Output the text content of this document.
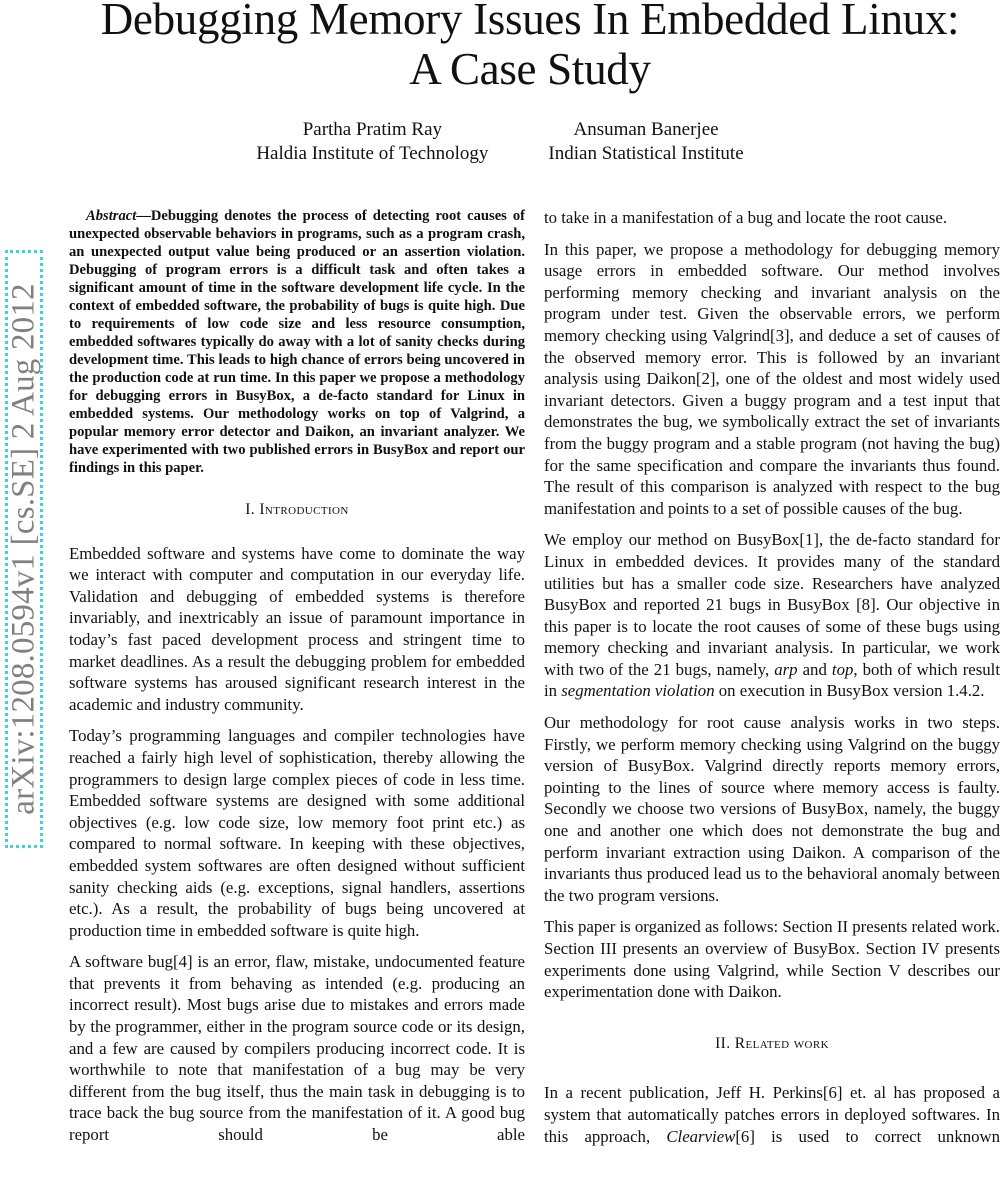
Debugging Memory Issues In Embedded Linux:
A Case Study
Partha Pratim Ray
Haldia Institute of Technology
Ansuman Banerjee
Indian Statistical Institute
arXiv:1208.0594v1 [cs.SE] 2 Aug 2012

Abstract—Debugging denotes the process of detecting root causes of unexpected observable behaviors in programs, such as a program crash, an unexpected output value being produced or an assertion violation. Debugging of program errors is a difficult task and often takes a significant amount of time in the software development life cycle. In the context of embedded software, the probability of bugs is quite high. Due to requirements of low code size and less resource consumption, embedded softwares typically do away with a lot of sanity checks during development time. This leads to high chance of errors being uncovered in the production code at run time. In this paper we propose a methodology for debugging errors in BusyBox, a de-facto standard for Linux in embedded systems. Our methodology works on top of Valgrind, a popular memory error detector and Daikon, an invariant analyzer. We have experimented with two published errors in BusyBox and report our findings in this paper.

I. Introduction

Embedded software and systems have come to dominate the way we interact with computer and computation in our everyday life. Validation and debugging of embedded systems is therefore invariably, and inextricably an issue of paramount importance in today’s fast paced development process and stringent time to market deadlines. As a result the debugging problem for embedded software systems has aroused significant research interest in the academic and industry community.

Today’s programming languages and compiler technologies have reached a fairly high level of sophistication, thereby allowing the programmers to design large complex pieces of code in less time. Embedded software systems are designed with some additional objectives (e.g. low code size, low memory foot print etc.) as compared to normal software. In keeping with these objectives, embedded system softwares are often designed without sufficient sanity checking aids (e.g. exceptions, signal handlers, assertions etc.). As a result, the probability of bugs being uncovered at production time in embedded software is quite high.

A software bug[4] is an error, flaw, mistake, undocumented feature that prevents it from behaving as intended (e.g. producing an incorrect result). Most bugs arise due to mistakes and errors made by the programmer, either in the program source code or its design, and a few are caused by compilers producing incorrect code. It is worthwhile to note that manifestation of a bug may be very different from the bug itself, thus the main task in debugging is to trace back the bug source from the manifestation of it. A good bug report should be able

to take in a manifestation of a bug and locate the root cause.

In this paper, we propose a methodology for debugging memory usage errors in embedded software. Our method involves performing memory checking and invariant analysis on the program under test. Given the observable errors, we perform memory checking using Valgrind[3], and deduce a set of causes of the observed memory error. This is followed by an invariant analysis using Daikon[2], one of the oldest and most widely used invariant detectors. Given a buggy program and a test input that demonstrates the bug, we symbolically extract the set of invariants from the buggy program and a stable program (not having the bug) for the same specification and compare the invariants thus found. The result of this comparison is analyzed with respect to the bug manifestation and points to a set of possible causes of the bug.

We employ our method on BusyBox[1], the de-facto standard for Linux in embedded devices. It provides many of the standard utilities but has a smaller code size. Researchers have analyzed BusyBox and reported 21 bugs in BusyBox [8]. Our objective in this paper is to locate the root causes of some of these bugs using memory checking and invariant analysis. In particular, we work with two of the 21 bugs, namely, arp and top, both of which result in segmentation violation on execution in BusyBox version 1.4.2.

Our methodology for root cause analysis works in two steps. Firstly, we perform memory checking using Valgrind on the buggy version of BusyBox. Valgrind directly reports memory errors, pointing to the lines of source where memory access is faulty. Secondly we choose two versions of BusyBox, namely, the buggy one and another one which does not demonstrate the bug and perform invariant extraction using Daikon. A comparison of the invariants thus produced lead us to the behavioral anomaly between the two program versions.

This paper is organized as follows: Section II presents related work. Section III presents an overview of BusyBox. Section IV presents experiments done using Valgrind, while Section V describes our experimentation done with Daikon.

II. Related work

In a recent publication, Jeff H. Perkins[6] et. al has proposed a system that automatically patches errors in deployed softwares. In this approach, Clearview[6] is used to correct unknown
